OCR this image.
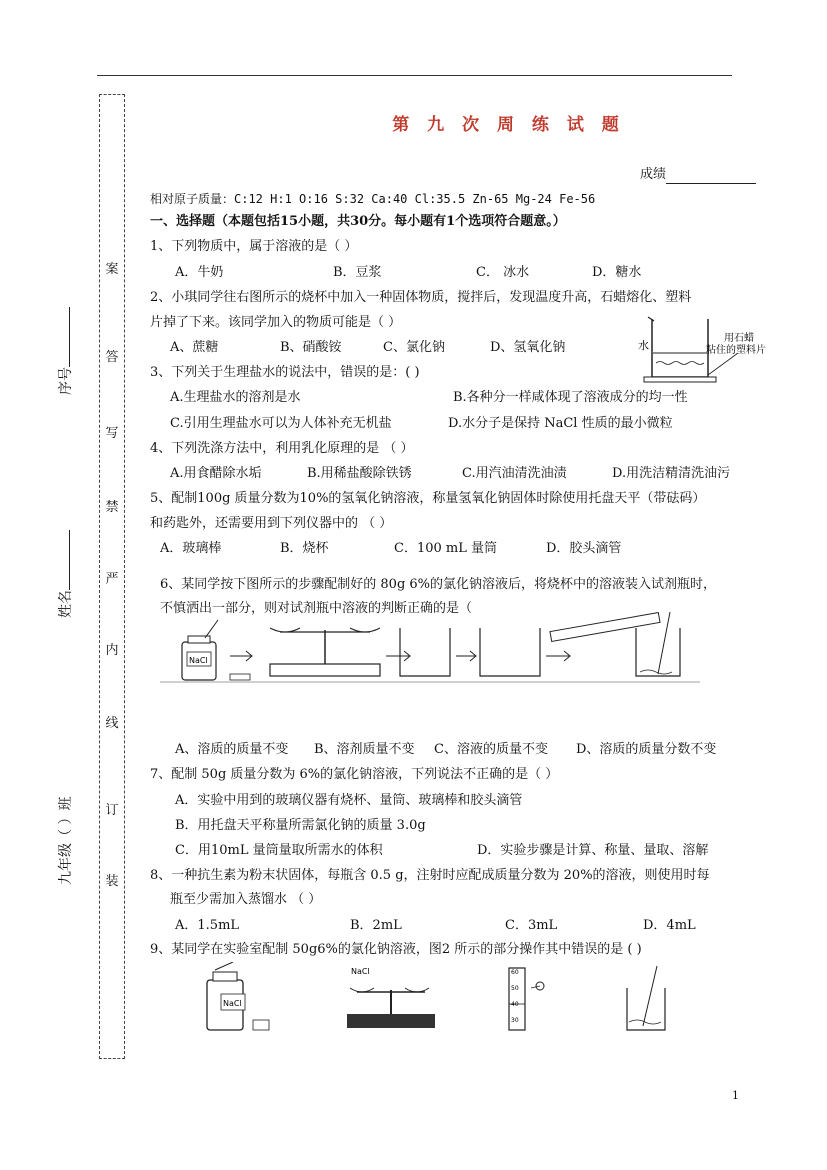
案
答
写
禁
严
内
线
订
装
序号
姓名
九年级（ ）班
第 九 次 周 练 试 题
成绩
相对原子质量：C:12 H:1 O:16 S:32 Ca:40 Cl:35.5 Zn-65 Mg-24 Fe-56
一、选择题（本题包括15小题，共30分。每小题有1个选项符合题意。）
1、下列物质中，属于溶液的是（ ）
A．牛奶	B．豆浆	C． 冰水	D．糖水
2、小琪同学往右图所示的烧杯中加入一种固体物质，搅拌后，发现温度升高，石蜡熔化、塑料
片掉了下来。该同学加入的物质可能是（ ）
A、蔗糖	B、硝酸铵	C、氯化钠	D、氢氧化钠	水
用石蜡
粘住的塑料片
3、下列关于生理盐水的说法中，错误的是：( )
A.生理盐水的溶剂是水	B.各种分一样咸体现了溶液成分的均一性
C.引用生理盐水可以为人体补充无机盐	D.水分子是保持 NaCl 性质的最小微粒
4、下列洗涤方法中，利用乳化原理的是 （ ）
A.用食醋除水垢	B.用稀盐酸除铁锈	C.用汽油清洗油渍	D.用洗洁精清洗油污
5、配制100g 质量分数为10%的氢氧化钠溶液，称量氢氧化钠固体时除使用托盘天平（带砝码）
和药匙外，还需要用到下列仪器中的 （ ）
A．玻璃棒	B．烧杯	C．100 mL 量筒	D．胶头滴管
6、某同学按下图所示的步骤配制好的 80g 6%的氯化钠溶液后，将烧杯中的溶液装入试剂瓶时，
不慎洒出一部分，则对试剂瓶中溶液的判断正确的是（
NaCl
A、溶质的质量不变 B、溶剂质量不变 C、溶液的质量不变 D、溶质的质量分数不变
7、配制 50g 质量分数为 6%的氯化钠溶液，下列说法不正确的是（ ）
A．实验中用到的玻璃仪器有烧杯、量筒、玻璃棒和胶头滴管
B．用托盘天平称量所需氯化钠的质量 3.0g
C．用10mL 量筒量取所需水的体积	D．实验步骤是计算、称量、量取、溶解
8、一种抗生素为粉末状固体，每瓶含 0.5 g，注射时应配成质量分数为 20%的溶液，则使用时每
瓶至少需加入蒸馏水 （ ）
A．1.5mL	B．2mL	C．3mL	D．4mL
9、某同学在实验室配制 50g6%的氯化钠溶液，图2 所示的部分操作其中错误的是 ( )
NaCl
NaCl	60
50
40
30
1
